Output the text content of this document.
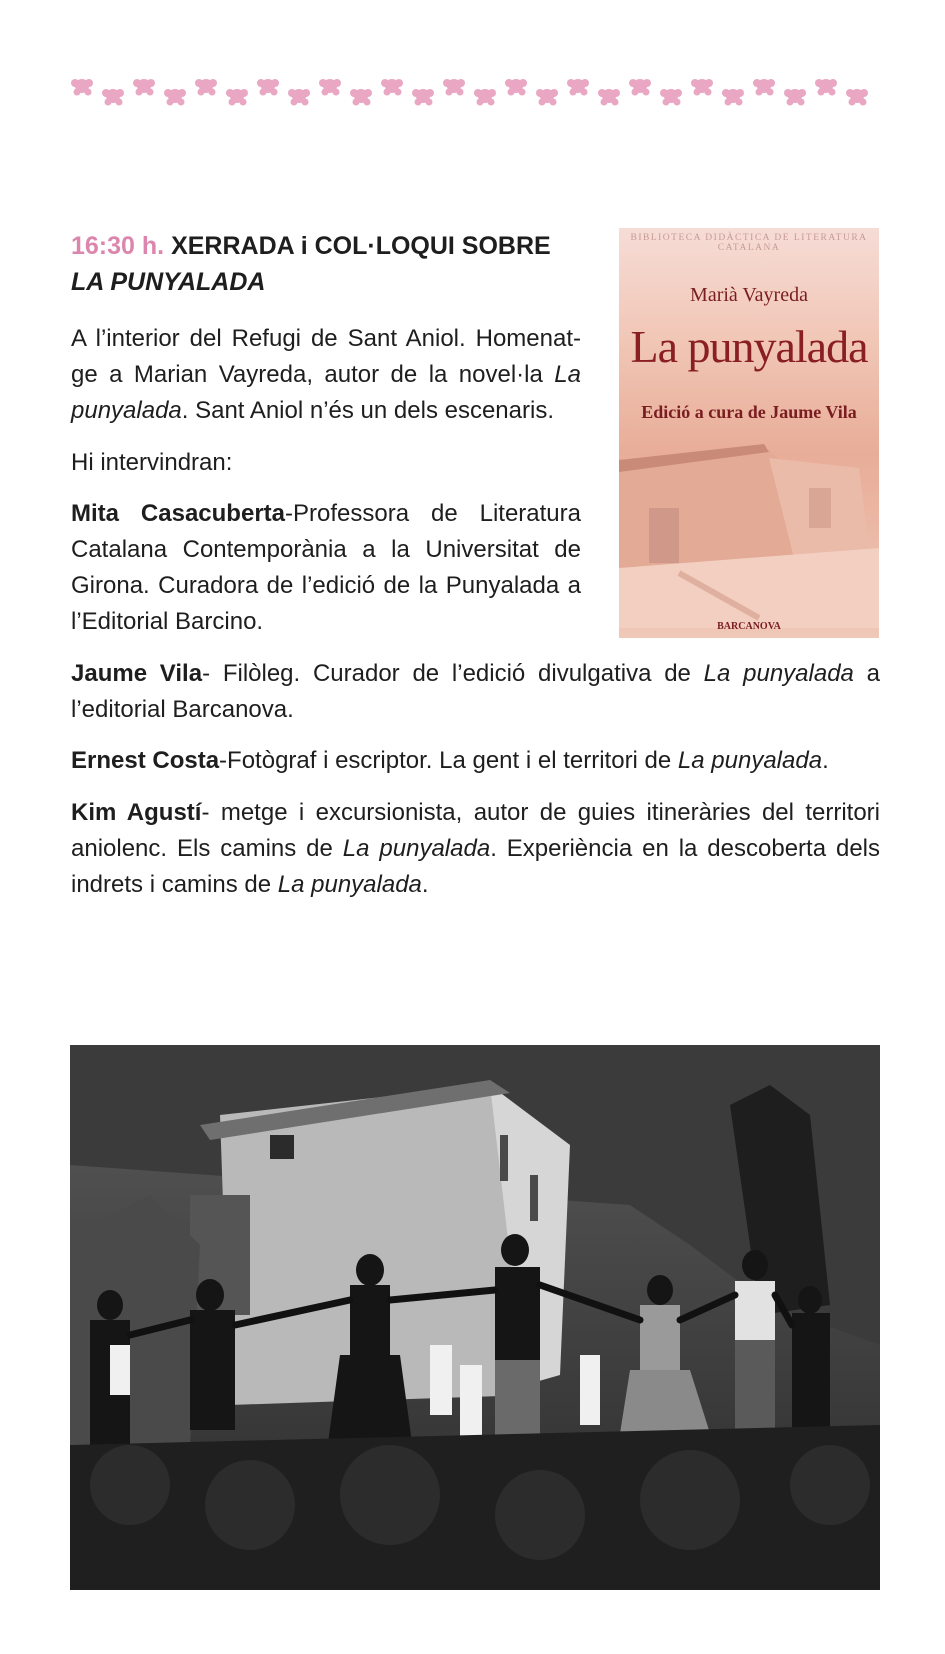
16:30 h. XERRADA i COL·LOQUI SOBRE LA PUNYALADA

A l’interior del Refugi de Sant Aniol. Homenat-ge a Marian Vayreda, autor de la novel·la La punyalada. Sant Aniol n’és un dels escenaris.

Hi intervindran:

Mita Casacuberta-Professora de Literatura Catalana Contemporània a la Universitat de Girona. Curadora de l’edició de la Punyalada a l’Editorial Barcino.

Jaume Vila- Filòleg. Curador de l’edició divulgativa de La punyalada a l’editorial Barcanova.

Ernest Costa-Fotògraf i escriptor. La gent i el territori de La punyalada.

Kim Agustí- metge i excursionista, autor de guies itineràries del territori aniolenc. Els camins de La punyalada. Experiència en la descoberta dels indrets i camins de La punyalada.

BIBLIOTECA DIDÀCTICA DE LITERATURA CATALANA
Marià Vayreda
La punyalada
Edició a cura de Jaume Vila
BARCANOVA
